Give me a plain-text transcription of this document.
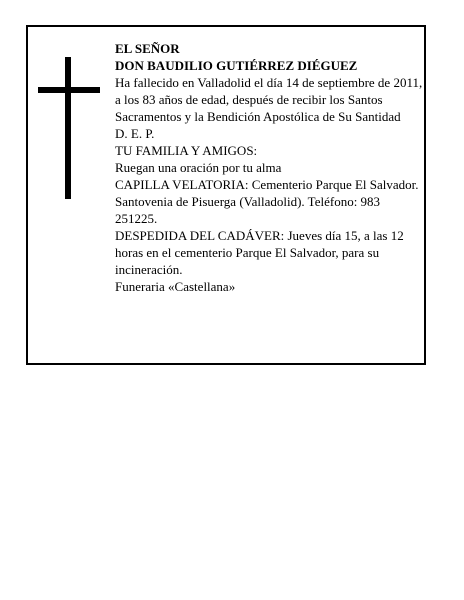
EL SEÑOR

DON BAUDILIO GUTIÉRREZ DIÉGUEZ

Ha fallecido en Valladolid el día 14 de septiembre de 2011, a los 83 años de edad, después de recibir los Santos Sacramentos y la Bendición Apostólica de Su Santidad

D. E. P.

TU FAMILIA Y AMIGOS:

Ruegan una oración por tu alma

CAPILLA VELATORIA: Cementerio Parque El Salvador. Santovenia de Pisuerga (Valladolid). Teléfono: 983 251225.

DESPEDIDA DEL CADÁVER: Jueves día 15, a las 12 horas en el cementerio Parque El Salvador, para su incineración.

Funeraria «Castellana»
